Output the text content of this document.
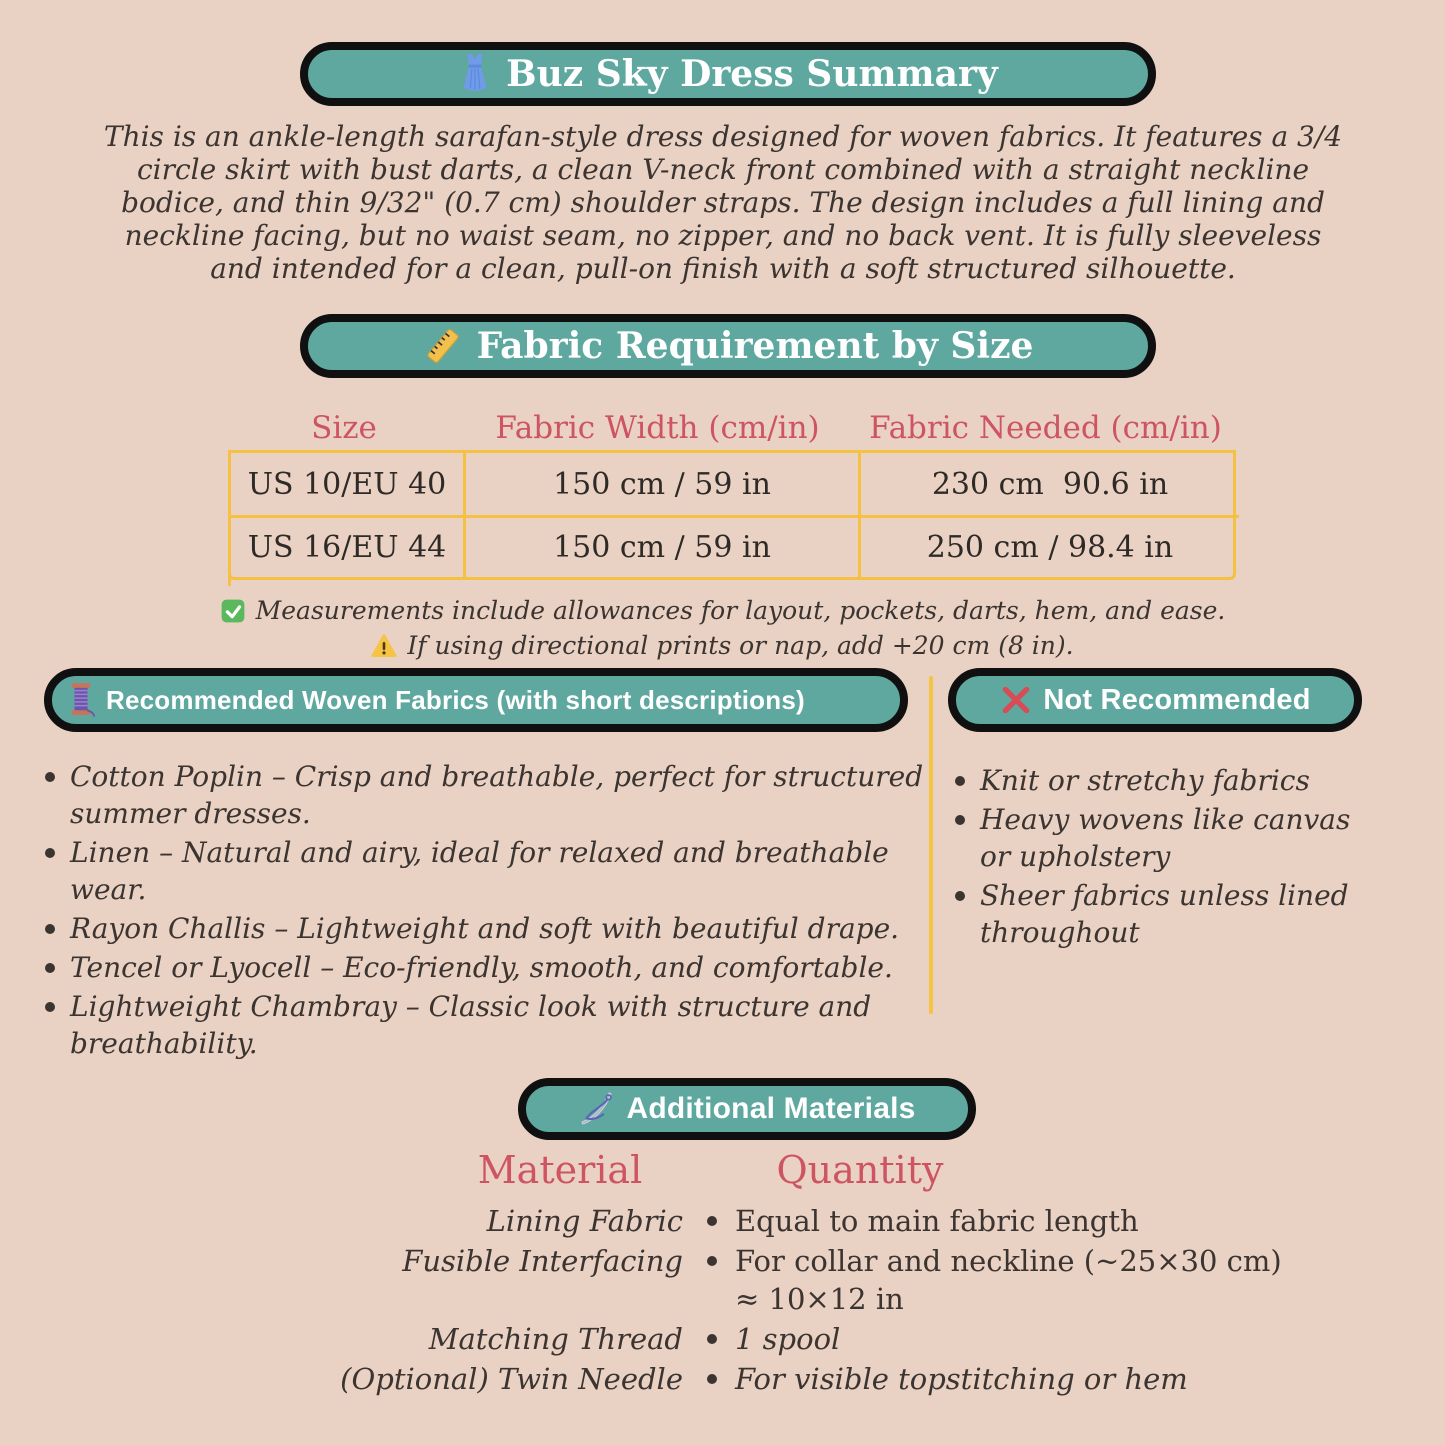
Buz Sky Dress Summary
This is an ankle-length sarafan-style dress designed for woven fabrics. It features a 3/4 circle skirt with bust darts, a clean V-neck front combined with a straight neckline bodice, and thin 9/32" (0.7 cm) shoulder straps. The design includes a full lining and neckline facing, but no waist seam, no zipper, and no back vent. It is fully sleeveless and intended for a clean, pull-on finish with a soft structured silhouette.
Fabric Requirement by Size
Size	Fabric Width (cm/in)	Fabric Needed (cm/in)
US 10/EU 40	150 cm / 59 in	230 cm  90.6 in
US 16/EU 44	150 cm / 59 in	250 cm / 98.4 in
Measurements include allowances for layout, pockets, darts, hem, and ease.
If using directional prints or nap, add +20 cm (8 in).
Recommended Woven Fabrics (with short descriptions)
Cotton Poplin – Crisp and breathable, perfect for structured summer dresses.
Linen – Natural and airy, ideal for relaxed and breathable wear.
Rayon Challis – Lightweight and soft with beautiful drape.
Tencel or Lyocell – Eco-friendly, smooth, and comfortable.
Lightweight Chambray – Classic look with structure and breathability.
Not Recommended
Knit or stretchy fabrics
Heavy wovens like canvas or upholstery
Sheer fabrics unless lined throughout
Additional Materials
Material	Quantity
Lining Fabric	Equal to main fabric length
Fusible Interfacing	For collar and neckline (~25×30 cm) ≈ 10×12 in
Matching Thread	1 spool
(Optional) Twin Needle	For visible topstitching or hem
